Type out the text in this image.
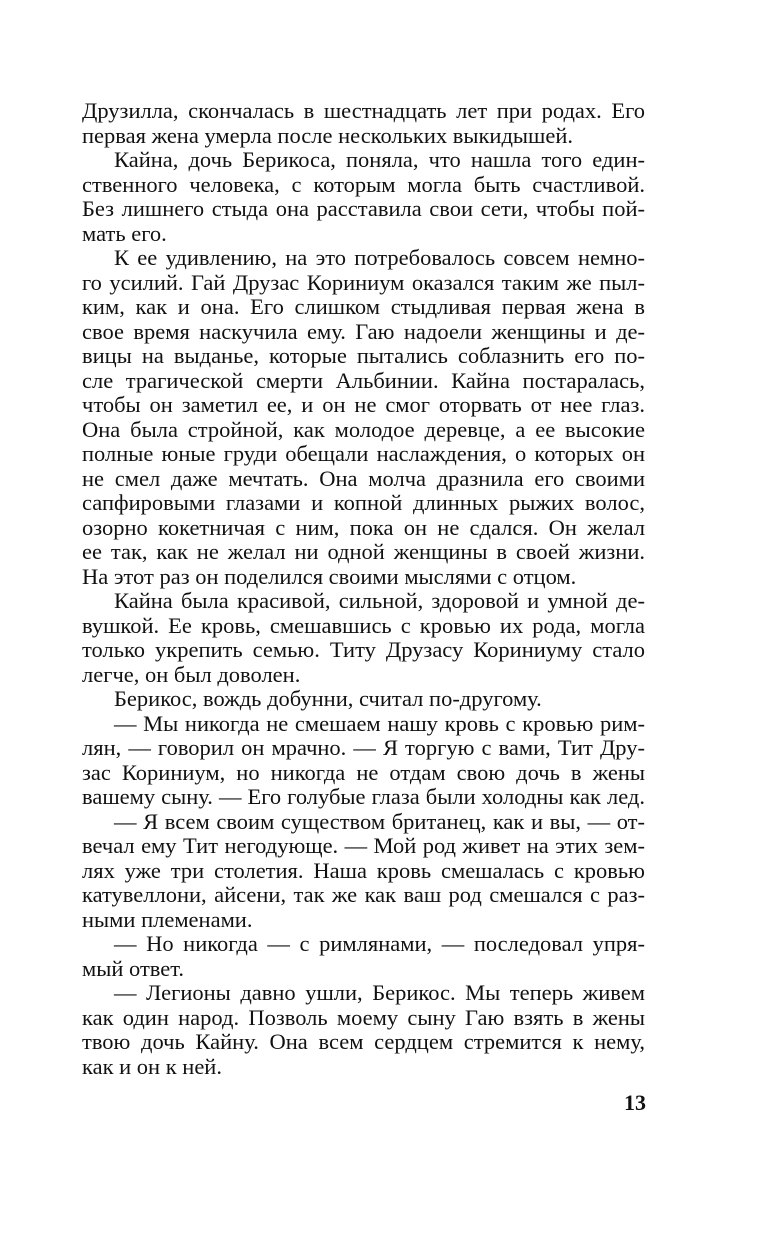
Друзилла, скончалась в шестнадцать лет при родах. Его
первая жена умерла после нескольких выкидышей.
Кайна, дочь Берикоса, поняла, что нашла того един-
ственного человека, с которым могла быть счастливой.
Без лишнего стыда она расставила свои сети, чтобы пой-
мать его.
К ее удивлению, на это потребовалось совсем немно-
го усилий. Гай Друзас Кориниум оказался таким же пыл-
ким, как и она. Его слишком стыдливая первая жена в
свое время наскучила ему. Гаю надоели женщины и де-
вицы на выданье, которые пытались соблазнить его по-
сле трагической смерти Альбинии. Кайна постаралась,
чтобы он заметил ее, и он не смог оторвать от нее глаз.
Она была стройной, как молодое деревце, а ее высокие
полные юные груди обещали наслаждения, о которых он
не смел даже мечтать. Она молча дразнила его своими
сапфировыми глазами и копной длинных рыжих волос,
озорно кокетничая с ним, пока он не сдался. Он желал
ее так, как не желал ни одной женщины в своей жизни.
На этот раз он поделился своими мыслями с отцом.
Кайна была красивой, сильной, здоровой и умной де-
вушкой. Ее кровь, смешавшись с кровью их рода, могла
только укрепить семью. Титу Друзасу Кориниуму стало
легче, он был доволен.
Берикос, вождь добунни, считал по-другому.
— Мы никогда не смешаем нашу кровь с кровью рим-
лян, — говорил он мрачно. — Я торгую с вами, Тит Дру-
зас Кориниум, но никогда не отдам свою дочь в жены
вашему сыну. — Его голубые глаза были холодны как лед.
— Я всем своим существом британец, как и вы, — от-
вечал ему Тит негодующе. — Мой род живет на этих зем-
лях уже три столетия. Наша кровь смешалась с кровью
катувеллони, айсени, так же как ваш род смешался с раз-
ными племенами.
— Но никогда — с римлянами, — последовал упря-
мый ответ.
— Легионы давно ушли, Берикос. Мы теперь живем
как один народ. Позволь моему сыну Гаю взять в жены
твою дочь Кайну. Она всем сердцем стремится к нему,
как и он к ней.
13
